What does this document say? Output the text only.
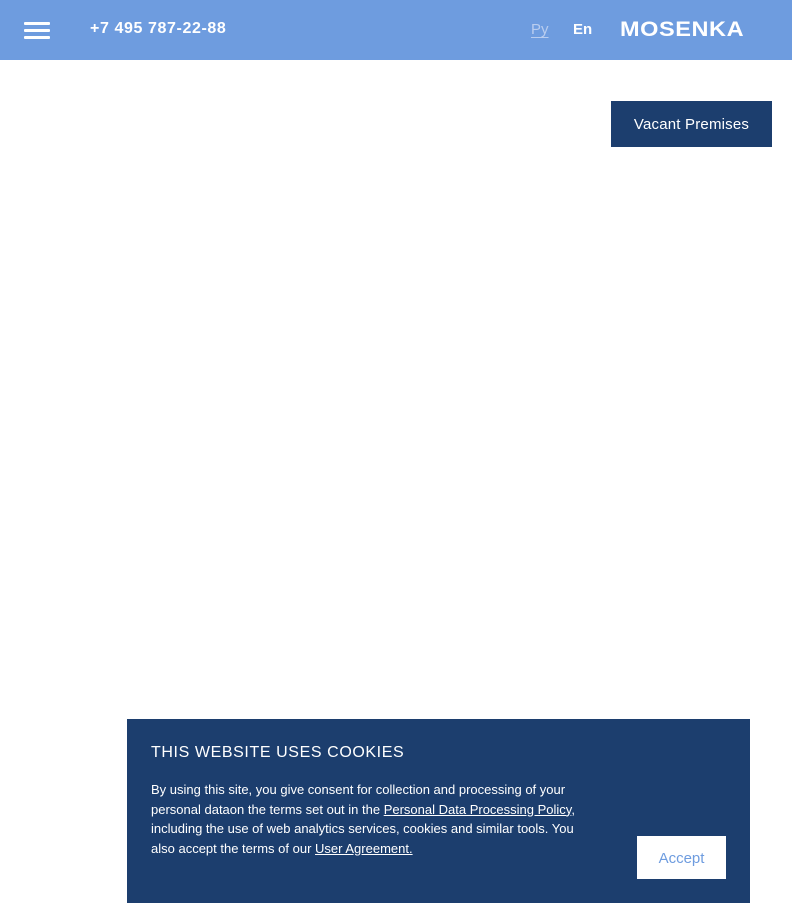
+7 495 787-22-88	Ру En MOSENKA
Vacant Premises
THIS WEBSITE USES COOKIES

By using this site, you give consent for collection and processing of your personal dataon the terms set out in the Personal Data Processing Policy, including the use of web analytics services, cookies and similar tools. You also accept the terms of our User Agreement.

Accept
